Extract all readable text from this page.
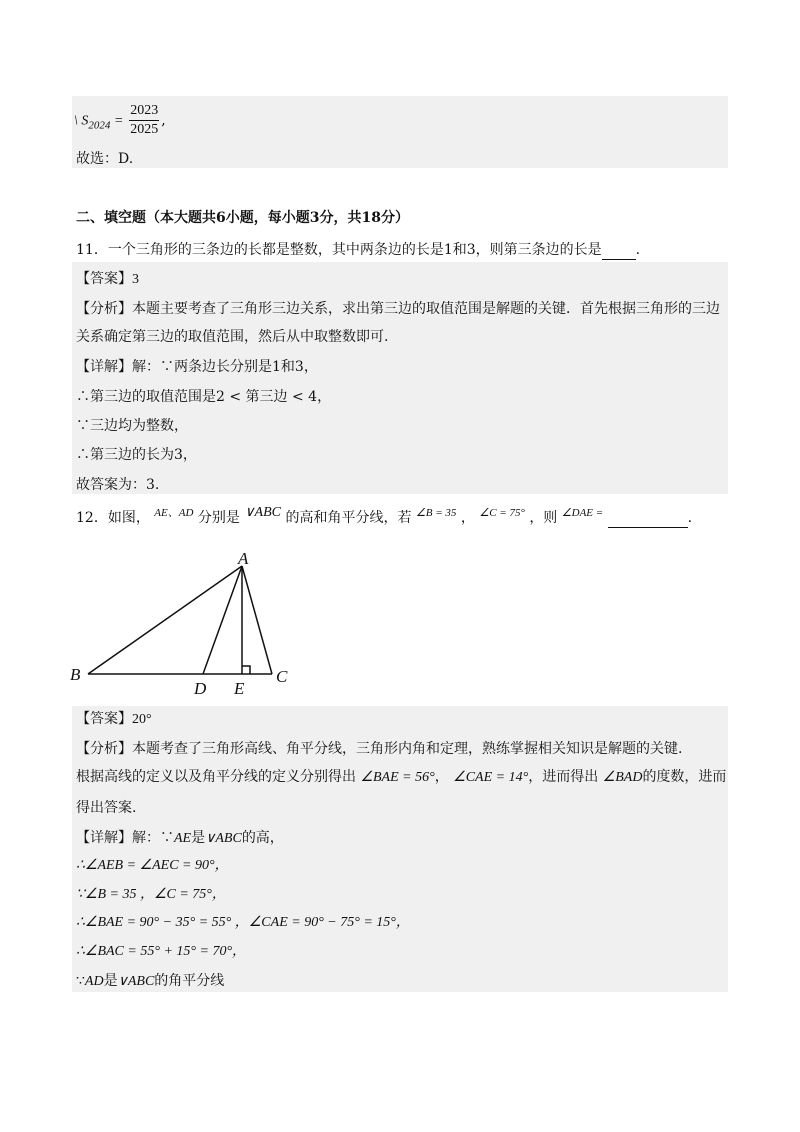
\ $S_{2024} = \frac{2023}{2025}$ ,
故选：D.
二、填空题（本大题共6小题，每小题3分，共18分）
11．一个三角形的三条边的长都是整数，其中两条边的长是1和3，则第三条边的长是 .
【答案】3
【分析】本题主要考查了三角形三边关系，求出第三边的取值范围是解题的关键．首先根据三角形的三边
关系确定第三边的取值范围，然后从中取整数即可.
【详解】解：∵两条边长分别是1和3，
∴第三边的取值范围是2 < 第三边 < 4，
∵三边均为整数，
∴第三边的长为3，
故答案为：3.
12．如图， $^{AE、AD}$ 分别是 ∨ABC 的高和角平分线，若 $^{\angle B = 35}$ ， $^{\angle C = 75^\circ}$ ，则 $^{\angle DAE =}$	.
A
B	C
D E
【答案】20°
【分析】本题考查了三角形高线、角平分线，三角形内角和定理，熟练掌握相关知识是解题的关键.
根据高线的定义以及角平分线的定义分别得出 ∠BAE = 56°， ∠CAE = 14°，进而得出 ∠BAD的度数，进而
得出答案.
【详解】解：∵AE是∨ABC的高，
∴∠AEB = ∠AEC = 90°，
∵∠B = 35 ，∠C = 75°，
∴∠BAE = 90° − 35° = 55° ，∠CAE = 90° − 75° = 15°，
∴∠BAC = 55° + 15° = 70°，
∵AD是∨ABC的角平分线
